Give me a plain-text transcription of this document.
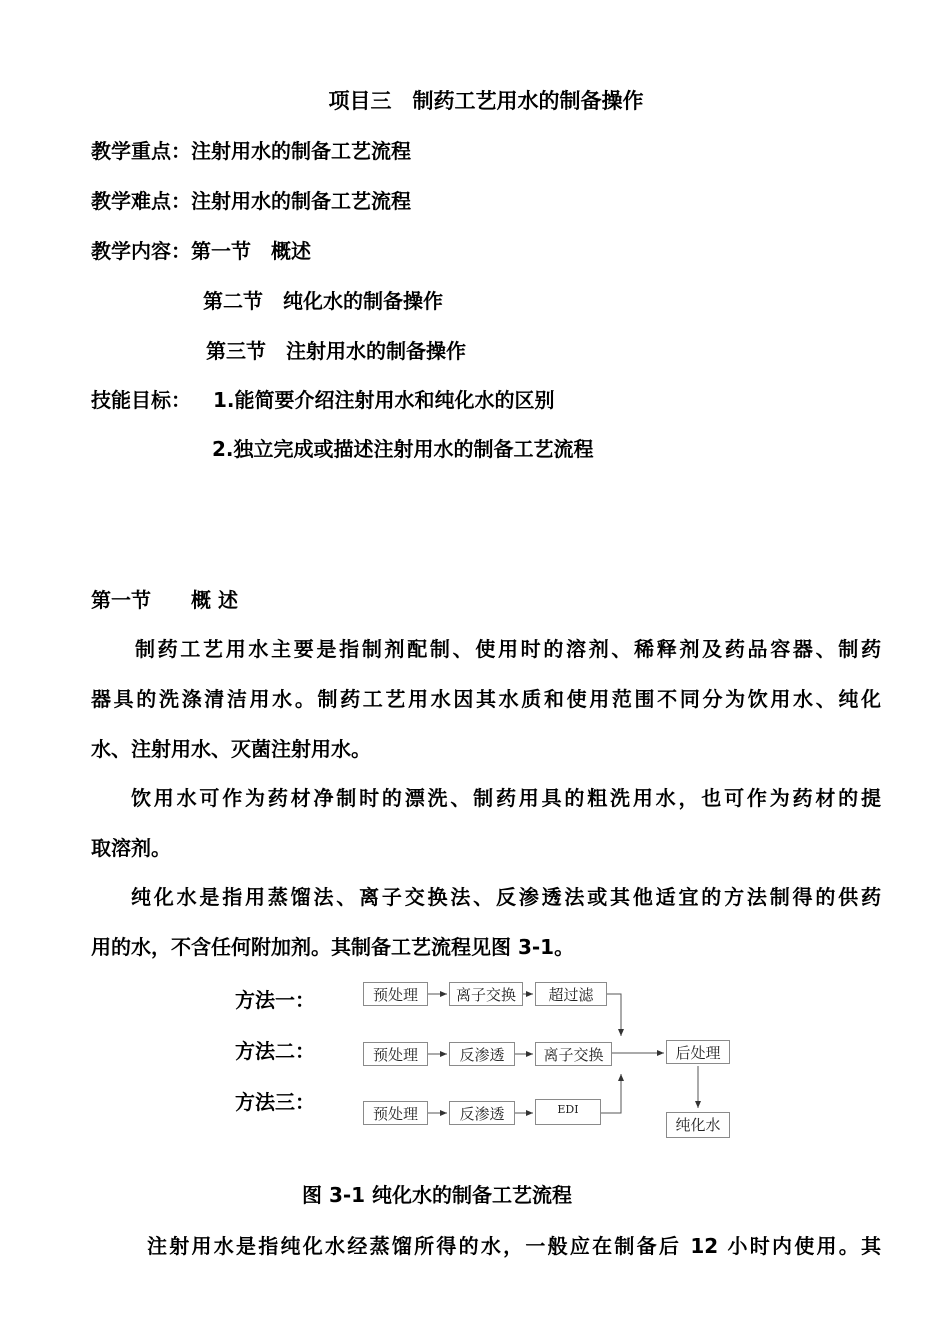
项目三　制药工艺用水的制备操作
教学重点：注射用水的制备工艺流程
教学难点：注射用水的制备工艺流程
教学内容：第一节　概述
第二节　纯化水的制备操作
第三节　注射用水的制备操作
技能目标： 1.能简要介绍注射用水和纯化水的区别
2.独立完成或描述注射用水的制备工艺流程
第一节　　概 述
制药工艺用水主要是指制剂配制、使用时的溶剂、稀释剂及药品容器、制药
器具的洗涤清洁用水。制药工艺用水因其水质和使用范围不同分为饮用水、纯化
水、注射用水、灭菌注射用水。
饮用水可作为药材净制时的漂洗、制药用具的粗洗用水，也可作为药材的提
取溶剂。
纯化水是指用蒸馏法、离子交换法、反渗透法或其他适宜的方法制得的供药
用的水，不含任何附加剂。其制备工艺流程见图 3-1。
方法一：
方法二：
方法三：
预处理	离子交换	超过滤
预处理	反渗透	离子交换
预处理	反渗透	EDI
后处理
纯化水
图 3-1 纯化水的制备工艺流程
注射用水是指纯化水经蒸馏所得的水，一般应在制备后 12 小时内使用。其
